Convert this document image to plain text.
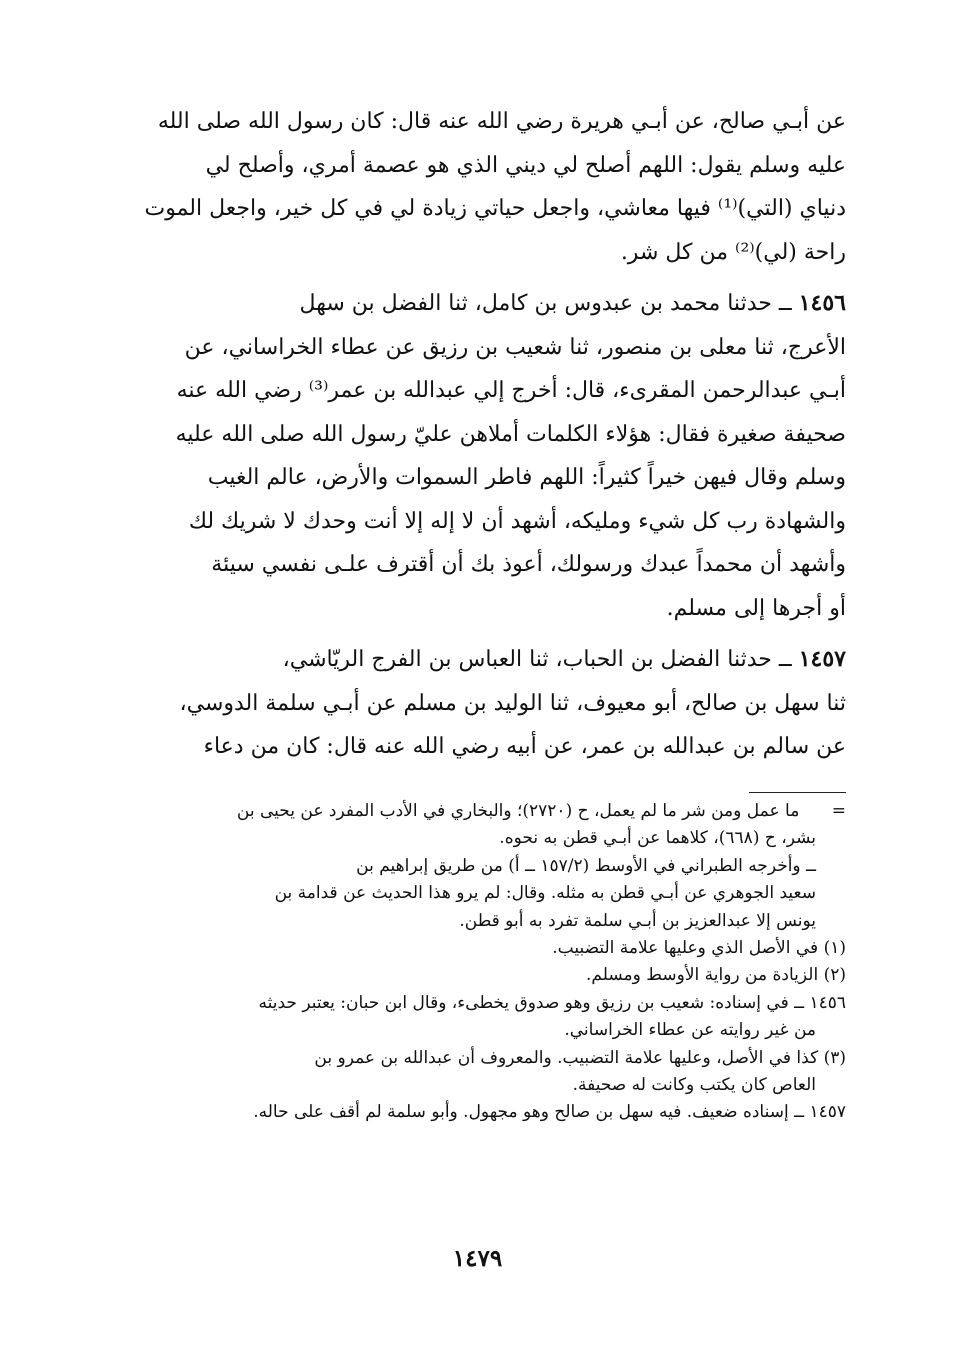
عن أبـي صالح، عن أبـي هريرة رضي الله عنه قال: كان رسول الله صلى الله
عليه وسلم يقول: اللهم أصلح لي ديني الذي هو عصمة أمري، وأصلح لي
دنياي (التي)⁽¹⁾ فيها معاشي، واجعل حياتي زيادة لي في كل خير، واجعل الموت
راحة (لي)⁽²⁾ من كل شر.

١٤٥٦ ــ حدثنا محمد بن عبدوس بن كامل، ثنا الفضل بن سهل
الأعرج، ثنا معلى بن منصور، ثنا شعيب بن رزيق عن عطاء الخراساني، عن
أبـي عبدالرحمن المقرىء، قال: أخرج إلي عبدالله بن عمر⁽³⁾ رضي الله عنه
صحيفة صغيرة فقال: هؤلاء الكلمات أملاهن عليّ رسول الله صلى الله عليه
وسلم وقال فيهن خيراً كثيراً: اللهم فاطر السموات والأرض، عالم الغيب
والشهادة رب كل شيء ومليكه، أشهد أن لا إله إلا أنت وحدك لا شريك لك
وأشهد أن محمداً عبدك ورسولك، أعوذ بك أن أقترف علـى نفسي سيئة
أو أجرها إلى مسلم.

١٤٥٧ ــ حدثنا الفضل بن الحباب، ثنا العباس بن الفرج الريّاشي،
ثنا سهل بن صالح، أبو معيوف، ثنا الوليد بن مسلم عن أبـي سلمة الدوسي،
عن سالم بن عبدالله بن عمر، عن أبيه رضي الله عنه قال: كان من دعاء

=      ما عمل ومن شر ما لم يعمل، ح (٢٧٢٠)؛ والبخاري في الأدب المفرد عن يحيى بن
بشر، ح (٦٦٨)، كلاهما عن أبـي قطن به نحوه.
ــ وأخرجه الطبراني في الأوسط (١٥٧/٢ ــ أ) من طريق إبراهيم بن
سعيد الجوهري عن أبـي قطن به مثله. وقال: لم يرو هذا الحديث عن قدامة بن
يونس إلا عبدالعزيز بن أبـي سلمة تفرد به أبو قطن.
(١) في الأصل الذي وعليها علامة التضبيب.
(٢) الزيادة من رواية الأوسط ومسلم.
١٤٥٦ ــ في إسناده: شعيب بن رزيق وهو صدوق يخطىء، وقال ابن حبان: يعتبر حديثه
من غير روايته عن عطاء الخراساني.
(٣) كذا في الأصل، وعليها علامة التضبيب. والمعروف أن عبدالله بن عمرو بن
العاص كان يكتب وكانت له صحيفة.
١٤٥٧ ــ إسناده ضعيف. فيه سهل بن صالح وهو مجهول. وأبو سلمة لم أقف على حاله.
١٤٧٩
